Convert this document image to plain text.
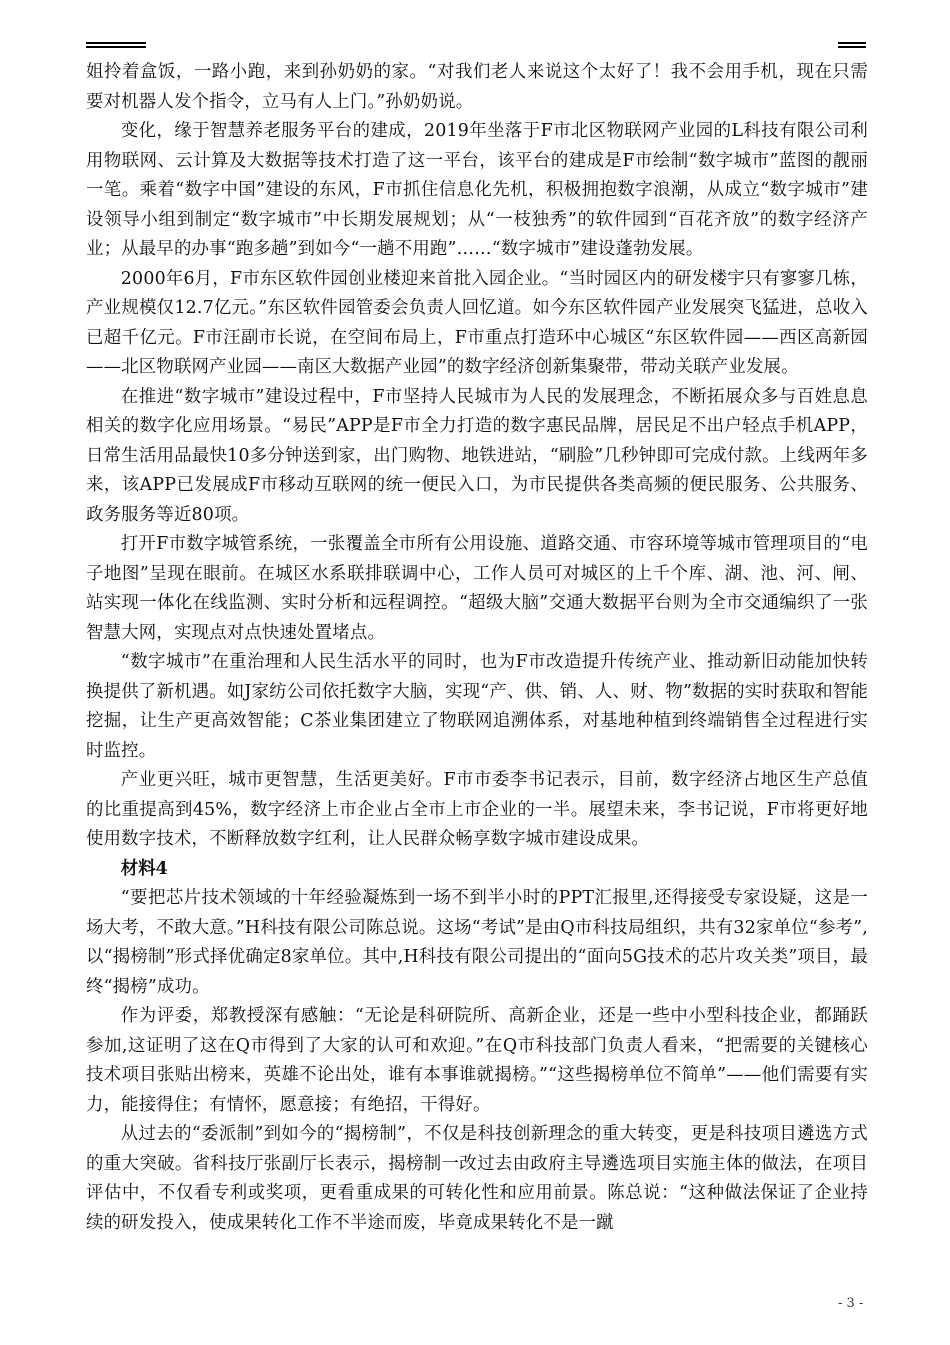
姐拎着盒饭，一路小跑，来到孙奶奶的家。“对我们老人来说这个太好了！我不会用手机，现在只需要对机器人发个指令，立马有人上门。”孙奶奶说。

变化，缘于智慧养老服务平台的建成，2019年坐落于F市北区物联网产业园的L科技有限公司利用物联网、云计算及大数据等技术打造了这一平台，该平台的建成是F市绘制“数字城市”蓝图的靓丽一笔。乘着“数字中国”建设的东风，F市抓住信息化先机，积极拥抱数字浪潮，从成立“数字城市”建设领导小组到制定“数字城市”中长期发展规划；从“一枝独秀”的软件园到“百花齐放”的数字经济产业；从最早的办事“跑多趟”到如今“一趟不用跑”……“数字城市”建设蓬勃发展。

2000年6月，F市东区软件园创业楼迎来首批入园企业。“当时园区内的研发楼宇只有寥寥几栋，产业规模仅12.7亿元。”东区软件园管委会负责人回忆道。如今东区软件园产业发展突飞猛进，总收入已超千亿元。F市汪副市长说，在空间布局上，F市重点打造环中心城区“东区软件园——西区高新园——北区物联网产业园——南区大数据产业园”的数字经济创新集聚带，带动关联产业发展。

在推进“数字城市”建设过程中，F市坚持人民城市为人民的发展理念，不断拓展众多与百姓息息相关的数字化应用场景。“易民”APP是F市全力打造的数字惠民品牌，居民足不出户轻点手机APP，日常生活用品最快10多分钟送到家，出门购物、地铁进站，“刷脸”几秒钟即可完成付款。上线两年多来，该APP已发展成F市移动互联网的统一便民入口，为市民提供各类高频的便民服务、公共服务、政务服务等近80项。

打开F市数字城管系统，一张覆盖全市所有公用设施、道路交通、市容环境等城市管理项目的“电子地图”呈现在眼前。在城区水系联排联调中心，工作人员可对城区的上千个库、湖、池、河、闸、站实现一体化在线监测、实时分析和远程调控。“超级大脑”交通大数据平台则为全市交通编织了一张智慧大网，实现点对点快速处置堵点。

“数字城市”在重治理和人民生活水平的同时，也为F市改造提升传统产业、推动新旧动能加快转换提供了新机遇。如J家纺公司依托数字大脑，实现“产、供、销、人、财、物”数据的实时获取和智能挖掘，让生产更高效智能；C茶业集团建立了物联网追溯体系，对基地种植到终端销售全过程进行实时监控。

产业更兴旺，城市更智慧，生活更美好。F市市委李书记表示，目前，数字经济占地区生产总值的比重提高到45%，数字经济上市企业占全市上市企业的一半。展望未来，李书记说，F市将更好地使用数字技术，不断释放数字红利，让人民群众畅享数字城市建设成果。

材料4

“要把芯片技术领域的十年经验凝炼到一场不到半小时的PPT汇报里,还得接受专家设疑，这是一场大考，不敢大意。”H科技有限公司陈总说。这场“考试”是由Q市科技局组织，共有32家单位“参考”,以“揭榜制”形式择优确定8家单位。其中,H科技有限公司提出的“面向5G技术的芯片攻关类”项目，最终“揭榜”成功。

作为评委，郑教授深有感触：“无论是科研院所、高新企业，还是一些中小型科技企业，都踊跃参加,这证明了这在Q市得到了大家的认可和欢迎。”在Q市科技部门负责人看来，“把需要的关键核心技术项目张贴出榜来，英雄不论出处，谁有本事谁就揭榜。”“这些揭榜单位不简单”——他们需要有实力，能接得住；有情怀，愿意接；有绝招，干得好。

从过去的“委派制”到如今的“揭榜制”，不仅是科技创新理念的重大转变，更是科技项目遴选方式的重大突破。省科技厅张副厅长表示，揭榜制一改过去由政府主导遴选项目实施主体的做法，在项目评估中，不仅看专利或奖项，更看重成果的可转化性和应用前景。陈总说：“这种做法保证了企业持续的研发投入，使成果转化工作不半途而废，毕竟成果转化不是一蹴

- 3 -
